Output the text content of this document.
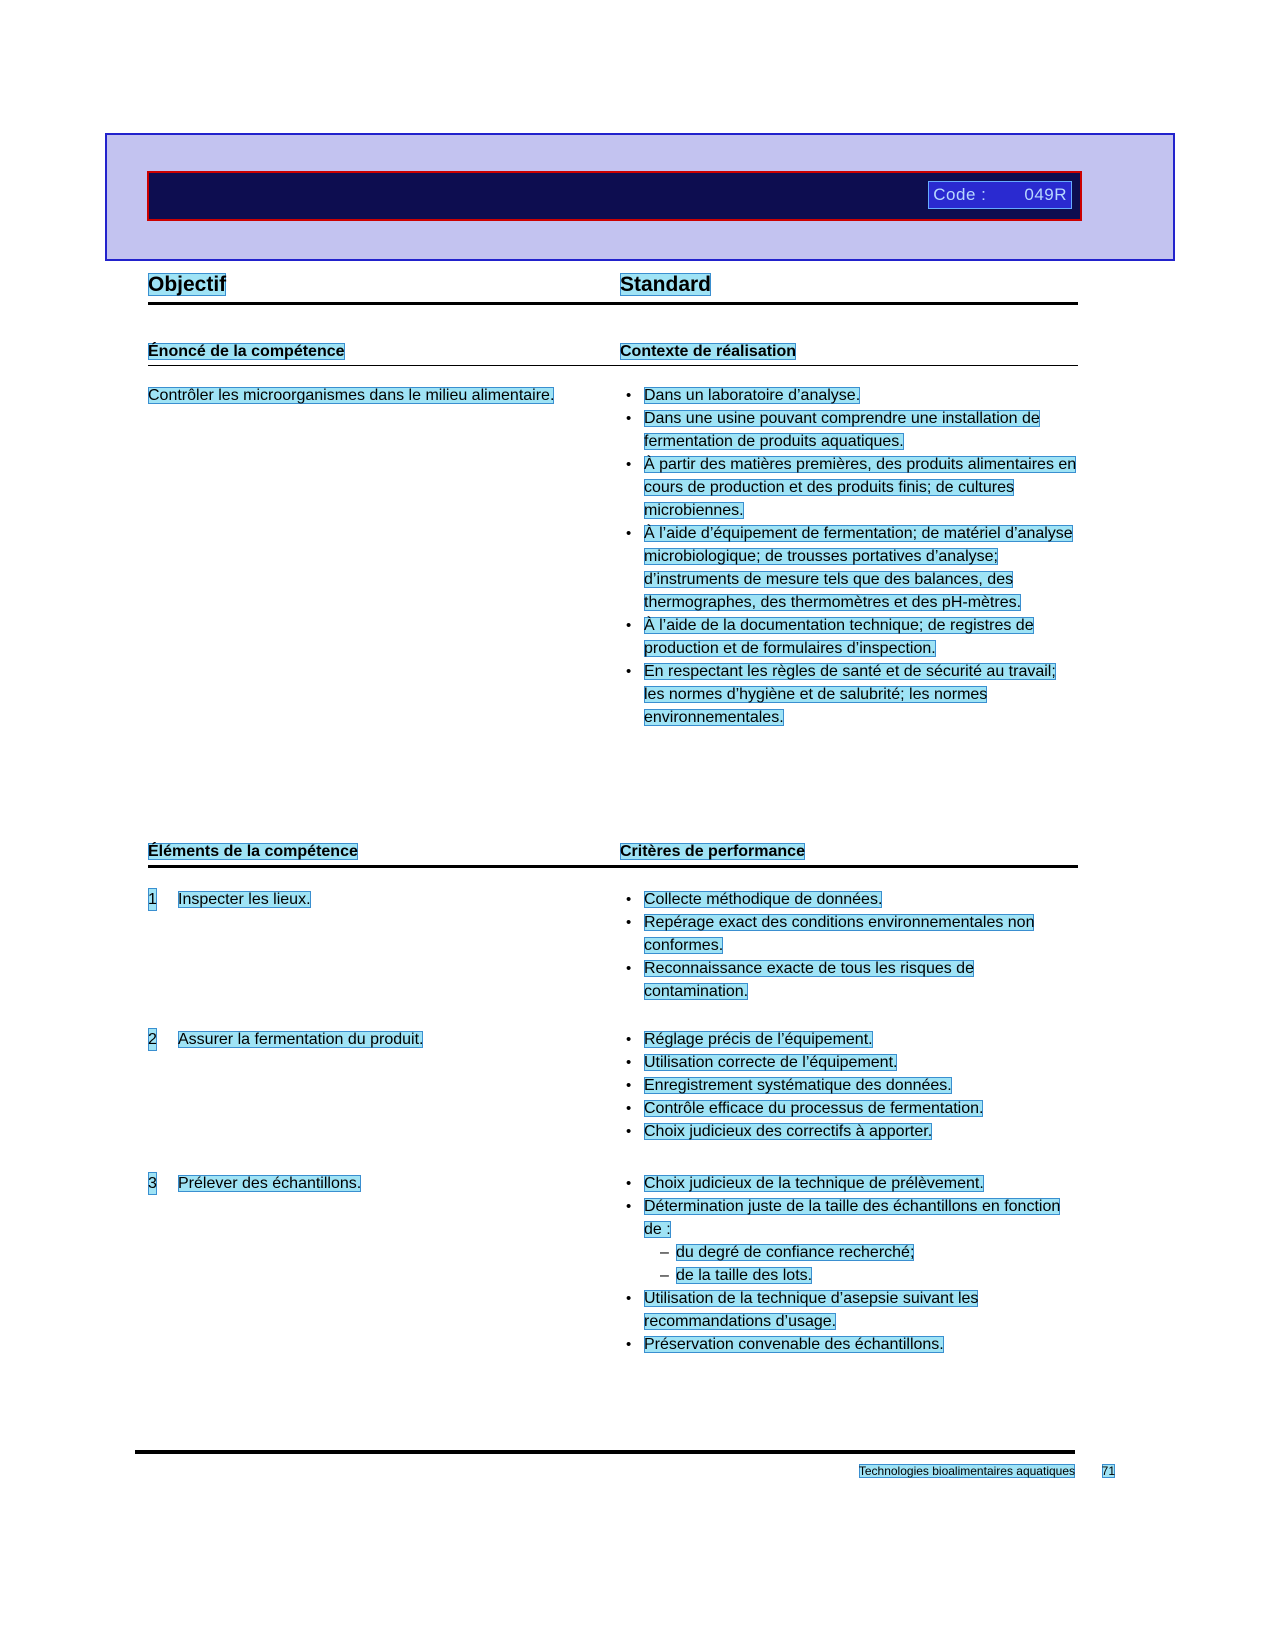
Code : 049R
Objectif	Standard
Énoncé de la compétence	Contexte de réalisation
Contrôler les microorganismes dans le milieu alimentaire.	• Dans un laboratoire d’analyse.
• Dans une usine pouvant comprendre une installation de fermentation de produits aquatiques.
• À partir des matières premières, des produits alimentaires en cours de production et des produits finis; de cultures microbiennes.
• À l’aide d’équipement de fermentation; de matériel d’analyse microbiologique; de trousses portatives d’analyse; d’instruments de mesure tels que des balances, des thermographes, des thermomètres et des pH-mètres.
• À l’aide de la documentation technique; de registres de production et de formulaires d’inspection.
• En respectant les règles de santé et de sécurité au travail; les normes d’hygiène et de salubrité; les normes environnementales.
Éléments de la compétence	Critères de performance
1 Inspecter les lieux.	• Collecte méthodique de données.
• Repérage exact des conditions environnementales non conformes.
• Reconnaissance exacte de tous les risques de contamination.
2 Assurer la fermentation du produit.	• Réglage précis de l’équipement.
• Utilisation correcte de l’équipement.
• Enregistrement systématique des données.
• Contrôle efficace du processus de fermentation.
• Choix judicieux des correctifs à apporter.
3 Prélever des échantillons.	• Choix judicieux de la technique de prélèvement.
• Détermination juste de la taille des échantillons en fonction de :
– du degré de confiance recherché;
– de la taille des lots.
• Utilisation de la technique d’asepsie suivant les recommandations d’usage.
• Préservation convenable des échantillons.
Technologies bioalimentaires aquatiques 71
